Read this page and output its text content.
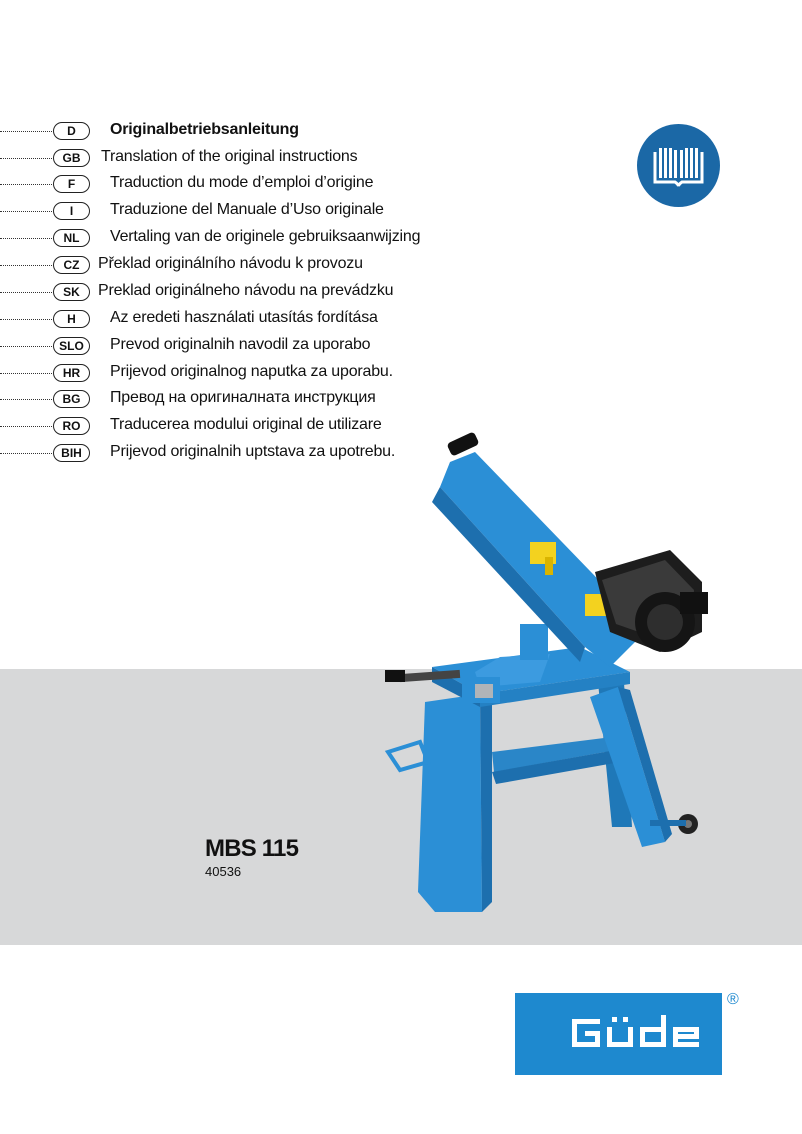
D	Originalbetriebsanleitung
GB	Translation of the original instructions
F	Traduction du mode d’emploi d’origine
I	Traduzione del Manuale d’Uso originale
NL	Vertaling van de originele gebruiksaanwijzing
CZ	Překlad originálního návodu k provozu
SK	Preklad originálneho návodu na prevádzku
H	Az eredeti használati utasítás fordítása
SLO	Prevod originalnih navodil za uporabo
HR	Prijevod originalnog naputka za uporabu.
BG	Превод на оригиналната инструкция
RO	Traducerea modului original de utilizare
BIH	Prijevod originalnih uptstava za upotrebu.
MBS 115
40536
®
